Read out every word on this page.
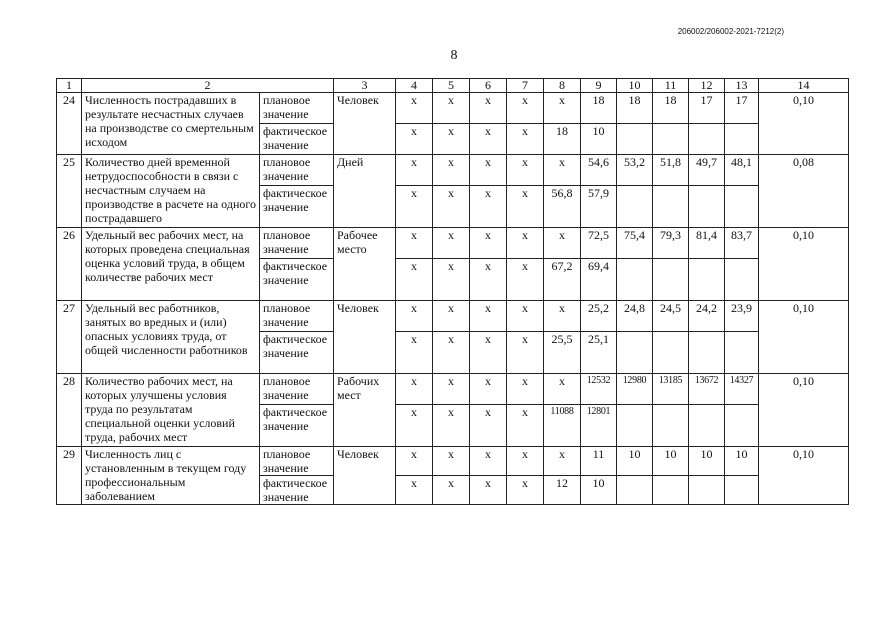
206002/206002-2021-7212(2)
8
1	2		3	4	5	6	7	8	9	10	11	12	13	14
24	Численность пострадавших в результате несчастных случаев на производстве со смертельным исходом	плановое значение	Человек	x	x	x	x	x	18	18	18	17	17	0,10
		фактическое значение		x	x	x	x	18	10					
25	Количество дней временной нетрудоспособности в связи с несчастным случаем на производстве в расчете на одного пострадавшего	плановое значение	Дней	x	x	x	x	x	54,6	53,2	51,8	49,7	48,1	0,08
		фактическое значение		x	x	x	x	56,8	57,9					
26	Удельный вес рабочих мест, на которых проведена специальная оценка условий труда, в общем количестве рабочих мест	плановое значение	Рабочее место	x	x	x	x	x	72,5	75,4	79,3	81,4	83,7	0,10
		фактическое значение		x	x	x	x	67,2	69,4					
27	Удельный вес работников, занятых во вредных и (или) опасных условиях труда, от общей численности работников	плановое значение	Человек	x	x	x	x	x	25,2	24,8	24,5	24,2	23,9	0,10
		фактическое значение		x	x	x	x	25,5	25,1					
28	Количество рабочих мест, на которых улучшены условия труда по результатам специальной оценки условий труда, рабочих мест	плановое значение	Рабочих мест	x	x	x	x	x	12532	12980	13185	13672	14327	0,10
		фактическое значение		x	x	x	x	11088	12801					
29	Численность лиц с установленным в текущем году профессиональным заболеванием	плановое значение	Человек	x	x	x	x	x	11	10	10	10	10	0,10
		фактическое значение		x	x	x	x	12	10					
